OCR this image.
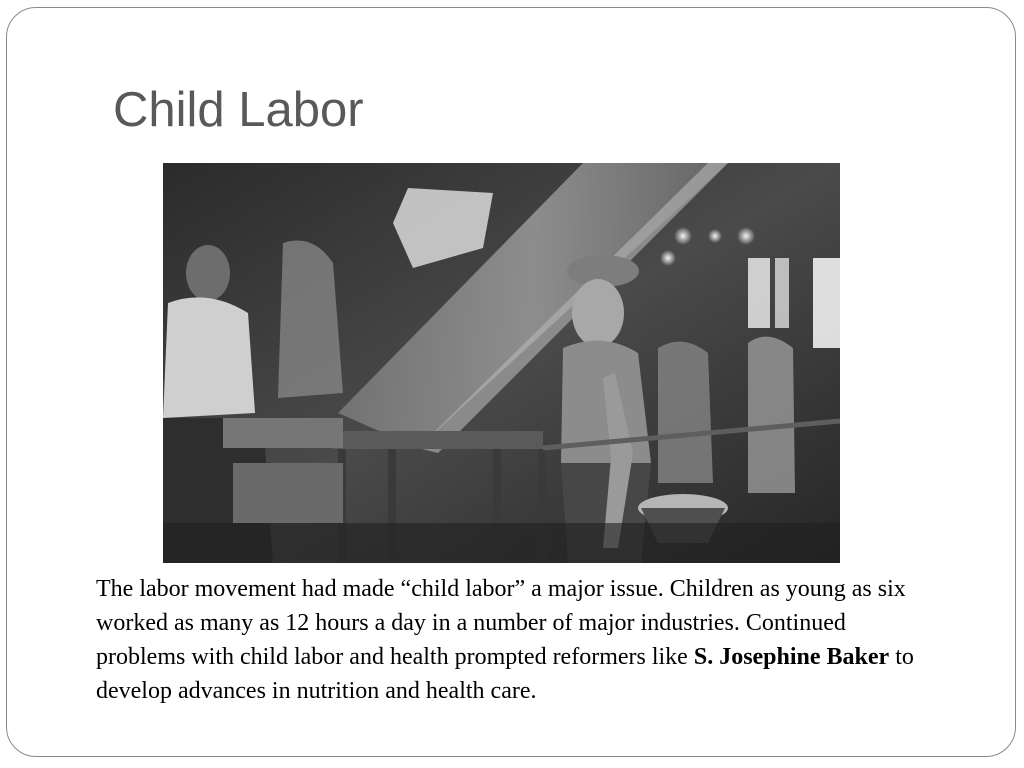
Child Labor

The labor movement had made “child labor” a major issue. Children as young as six worked as many as 12 hours a day in a number of major industries. Continued problems with child labor and health prompted reformers like S. Josephine Baker to develop advances in nutrition and health care.
